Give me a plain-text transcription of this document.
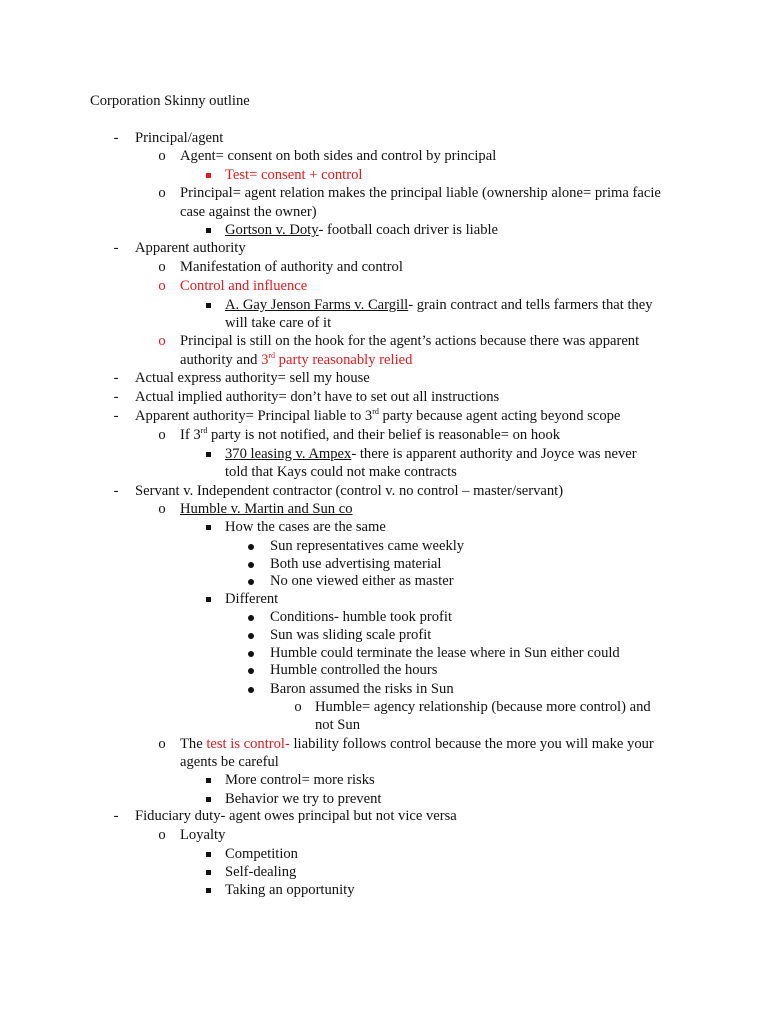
Corporation Skinny outline
-	Principal/agent
o Agent= consent on both sides and control by principal
Test= consent + control
o Principal= agent relation makes the principal liable (ownership alone= prima facie
case against the owner)
Gortson v. Doty- football coach driver is liable
-	Apparent authority
o Manifestation of authority and control
o Control and influence
A. Gay Jenson Farms v. Cargill- grain contract and tells farmers that they
will take care of it
o Principal is still on the hook for the agent’s actions because there was apparent
authority and 3rd party reasonably relied
-	Actual express authority= sell my house
-	Actual implied authority= don’t have to set out all instructions
-	Apparent authority= Principal liable to 3rd party because agent acting beyond scope
o If 3rd party is not notified, and their belief is reasonable= on hook
370 leasing v. Ampex- there is apparent authority and Joyce was never
told that Kays could not make contracts
-	Servant v. Independent contractor (control v. no control – master/servant)
o Humble v. Martin and Sun co
How the cases are the same
Sun representatives came weekly
Both use advertising material
No one viewed either as master
Different
Conditions- humble took profit
Sun was sliding scale profit
Humble could terminate the lease where in Sun either could
Humble controlled the hours
Baron assumed the risks in Sun
o Humble= agency relationship (because more control) and
not Sun
o The test is control- liability follows control because the more you will make your
agents be careful
More control= more risks
Behavior we try to prevent
-	Fiduciary duty- agent owes principal but not vice versa
o Loyalty
Competition
Self-dealing
Taking an opportunity
